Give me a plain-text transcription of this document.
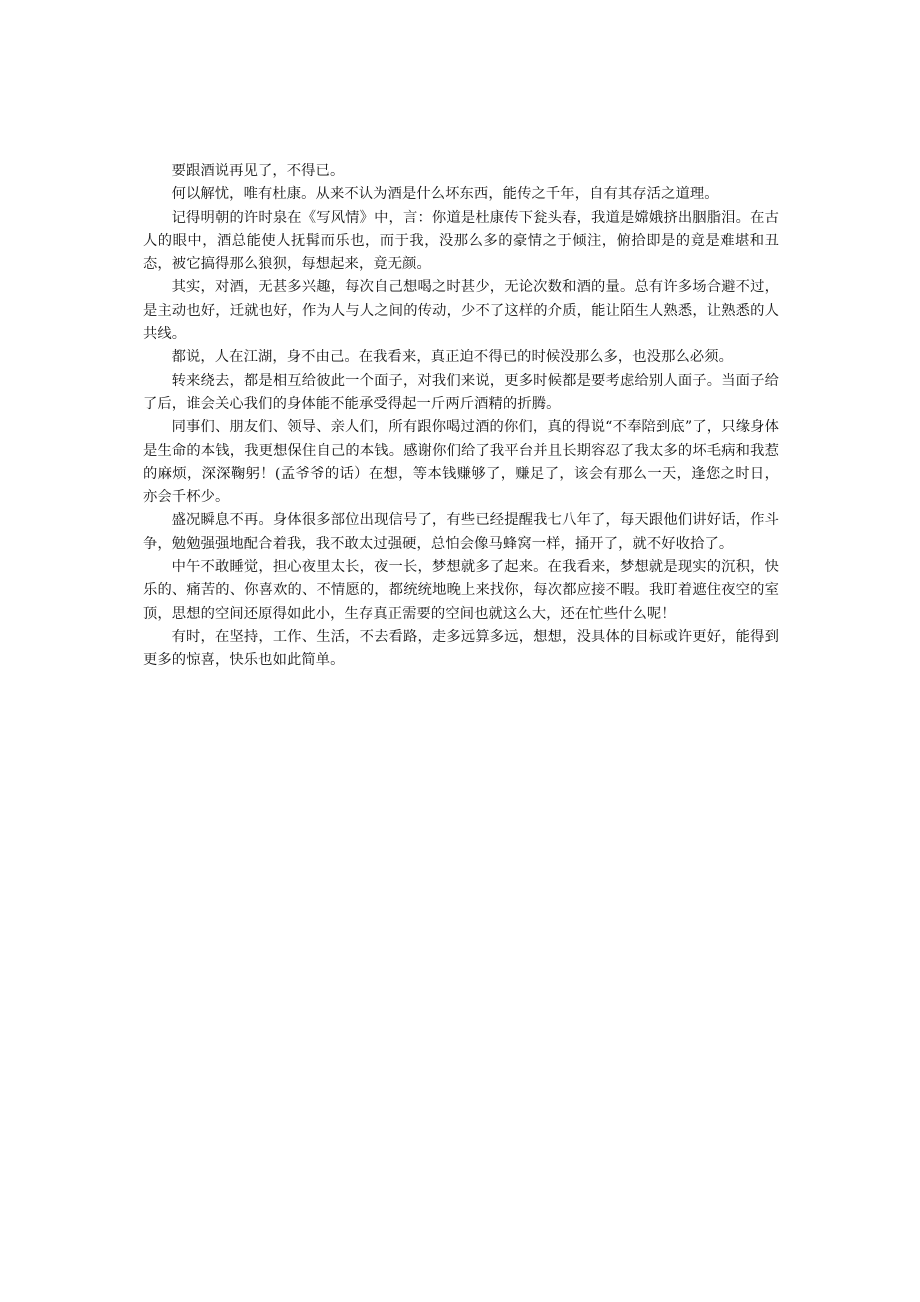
要跟酒说再见了，不得已。

何以解忧，唯有杜康。从来不认为酒是什么坏东西，能传之千年，自有其存活之道理。

记得明朝的许时泉在《写风情》中，言：你道是杜康传下瓮头春，我道是嫦娥挤出胭脂泪。在古人的眼中，酒总能使人抚髯而乐也，而于我，没那么多的豪情之于倾注，俯拾即是的竟是难堪和丑态，被它搞得那么狼狈，每想起来，竟无颜。

其实，对酒，无甚多兴趣，每次自己想喝之时甚少，无论次数和酒的量。总有许多场合避不过，是主动也好，迁就也好，作为人与人之间的传动，少不了这样的介质，能让陌生人熟悉，让熟悉的人共线。

都说，人在江湖，身不由己。在我看来，真正迫不得已的时候没那么多，也没那么必须。

转来绕去，都是相互给彼此一个面子，对我们来说，更多时候都是要考虑给别人面子。当面子给了后，谁会关心我们的身体能不能承受得起一斤两斤酒精的折腾。

同事们、朋友们、领导、亲人们，所有跟你喝过酒的你们，真的得说“不奉陪到底”了，只缘身体是生命的本钱，我更想保住自己的本钱。感谢你们给了我平台并且长期容忍了我太多的坏毛病和我惹的麻烦，深深鞠躬！(孟爷爷的话）在想，等本钱赚够了，赚足了，该会有那么一天，逢您之时日，亦会千杯少。

盛况瞬息不再。身体很多部位出现信号了，有些已经提醒我七八年了，每天跟他们讲好话，作斗争，勉勉强强地配合着我，我不敢太过强硬，总怕会像马蜂窝一样，捅开了，就不好收拾了。

中午不敢睡觉，担心夜里太长，夜一长，梦想就多了起来。在我看来，梦想就是现实的沉积，快乐的、痛苦的、你喜欢的、不情愿的，都统统地晚上来找你，每次都应接不暇。我盯着遮住夜空的室顶，思想的空间还原得如此小，生存真正需要的空间也就这么大，还在忙些什么呢！

有时，在坚持，工作、生活，不去看路，走多远算多远，想想，没具体的目标或许更好，能得到更多的惊喜，快乐也如此简单。
